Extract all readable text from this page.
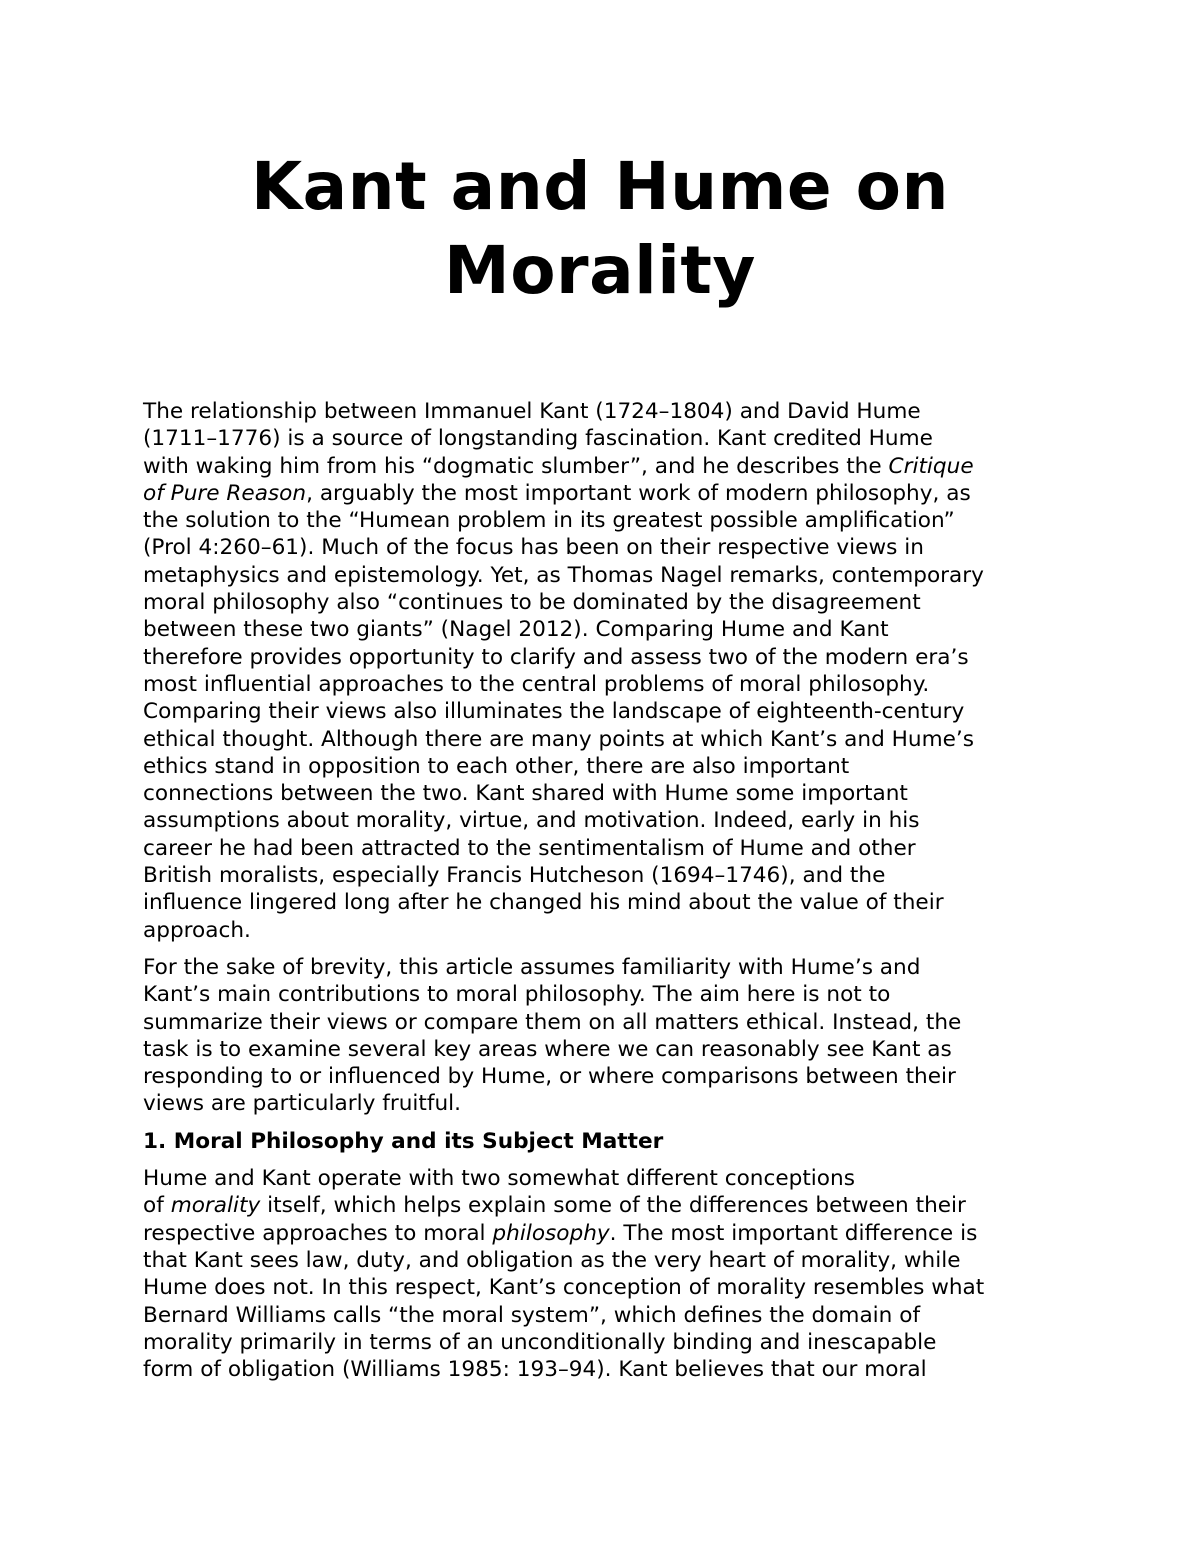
Kant and Hume on Morality

The relationship between Immanuel Kant (1724–1804) and David Hume
(1711–1776) is a source of longstanding fascination. Kant credited Hume
with waking him from his “dogmatic slumber”, and he describes the Critique
of Pure Reason, arguably the most important work of modern philosophy, as
the solution to the “Humean problem in its greatest possible amplification”
(Prol 4:260–61). Much of the focus has been on their respective views in
metaphysics and epistemology. Yet, as Thomas Nagel remarks, contemporary
moral philosophy also “continues to be dominated by the disagreement
between these two giants” (Nagel 2012). Comparing Hume and Kant
therefore provides opportunity to clarify and assess two of the modern era’s
most influential approaches to the central problems of moral philosophy.
Comparing their views also illuminates the landscape of eighteenth-century
ethical thought. Although there are many points at which Kant’s and Hume’s
ethics stand in opposition to each other, there are also important
connections between the two. Kant shared with Hume some important
assumptions about morality, virtue, and motivation. Indeed, early in his
career he had been attracted to the sentimentalism of Hume and other
British moralists, especially Francis Hutcheson (1694–1746), and the
influence lingered long after he changed his mind about the value of their
approach.

For the sake of brevity, this article assumes familiarity with Hume’s and
Kant’s main contributions to moral philosophy. The aim here is not to
summarize their views or compare them on all matters ethical. Instead, the
task is to examine several key areas where we can reasonably see Kant as
responding to or influenced by Hume, or where comparisons between their
views are particularly fruitful.

1. Moral Philosophy and its Subject Matter

Hume and Kant operate with two somewhat different conceptions
of morality itself, which helps explain some of the differences between their
respective approaches to moral philosophy. The most important difference is
that Kant sees law, duty, and obligation as the very heart of morality, while
Hume does not. In this respect, Kant’s conception of morality resembles what
Bernard Williams calls “the moral system”, which defines the domain of
morality primarily in terms of an unconditionally binding and inescapable
form of obligation (Williams 1985: 193–94). Kant believes that our moral
